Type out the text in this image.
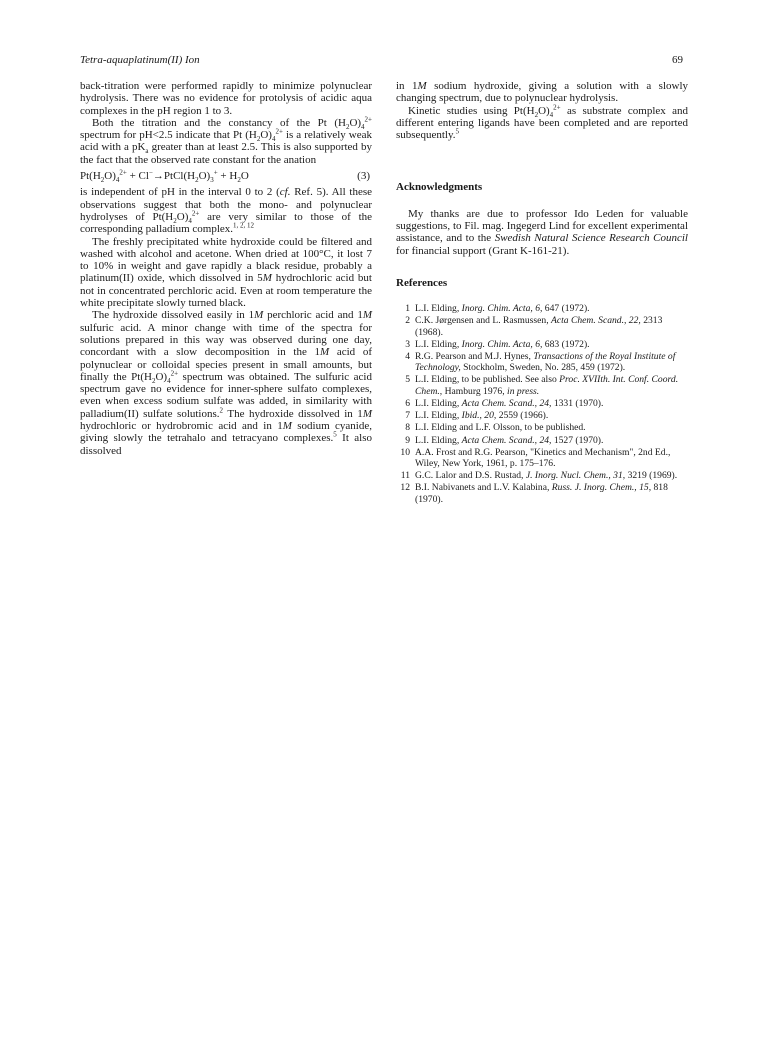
Tetra-aquaplatinum(II) Ion	69

back-titration were performed rapidly to minimize polynuclear hydrolysis. There was no evidence for protolysis of acidic aqua complexes in the pH region 1 to 3.

Both the titration and the constancy of the Pt $(H_2O)_4^{2+}$ spectrum for pH<2.5 indicate that Pt $(H_2O)_4^{2+}$ is a relatively weak acid with a $pK_a$ greater than at least 2.5. This is also supported by the fact that the observed rate constant for the anation

$Pt(H_2O)_4^{2+}$ + $Cl^-\to PtCl(H_2O)_3^+ + H_2O$	(3)

is independent of pH in the interval 0 to 2 (cf. Ref. 5). All these observations suggest that both the mono- and polynuclear hydrolyses of $Pt(H_2O)_4^{2+}$ are very similar to those of the corresponding palladium complex.$^{1, 2, 12}$

The freshly precipitated white hydroxide could be filtered and washed with alcohol and acetone. When dried at 100°C, it lost 7 to 10% in weight and gave rapidly a black residue, probably a platinum(II) oxide, which dissolved in 5M hydrochloric acid but not in concentrated perchloric acid. Even at room temperature the white precipitate slowly turned black.

The hydroxide dissolved easily in 1M perchloric acid and 1M sulfuric acid. A minor change with time of the spectra for solutions prepared in this way was observed during one day, concordant with a slow decomposition in the 1M acid of polynuclear or colloidal species present in small amounts, but finally the $Pt(H_2O)_4^{2+}$ spectrum was obtained. The sulfuric acid spectrum gave no evidence for inner-sphere sulfato complexes, even when excess sodium sulfate was added, in similarity with palladium(II) sulfate solutions.$^2$ The hydroxide dissolved in 1M hydrochloric or hydrobromic acid and in 1M sodium cyanide, giving slowly the tetrahalo and tetracyano complexes.$^5$ It also dissolved

in 1M sodium hydroxide, giving a solution with a slowly changing spectrum, due to polynuclear hydrolysis.

Kinetic studies using $Pt(H_2O)_4^{2+}$ as substrate complex and different entering ligands have been completed and are reported subsequently.$^5$

Acknowledgments

My thanks are due to professor Ido Leden for valuable suggestions, to Fil. mag. Ingegerd Lind for excellent experimental assistance, and to the Swedish Natural Science Research Council for financial support (Grant K-161-21).

References
1 L.I. Elding, Inorg. Chim. Acta, 6, 647 (1972).
2 C.K. Jørgensen and L. Rasmussen, Acta Chem. Scand., 22, 2313 (1968).
3 L.I. Elding, Inorg. Chim. Acta, 6, 683 (1972).
4 R.G. Pearson and M.J. Hynes, Transactions of the Royal Institute of Technology, Stockholm, Sweden, No. 285, 459 (1972).
5 L.I. Elding, to be published. See also Proc. XVIIth. Int. Conf. Coord. Chem., Hamburg 1976, in press.
6 L.I. Elding, Acta Chem. Scand., 24, 1331 (1970).
7 L.I. Elding, Ibid., 20, 2559 (1966).
8 L.I. Elding and L.F. Olsson, to be published.
9 L.I. Elding, Acta Chem. Scand., 24, 1527 (1970).
10 A.A. Frost and R.G. Pearson, "Kinetics and Mechanism", 2nd Ed., Wiley, New York, 1961, p. 175–176.
11 G.C. Lalor and D.S. Rustad, J. Inorg. Nucl. Chem., 31, 3219 (1969).
12 B.I. Nabivanets and L.V. Kalabina, Russ. J. Inorg. Chem., 15, 818 (1970).
